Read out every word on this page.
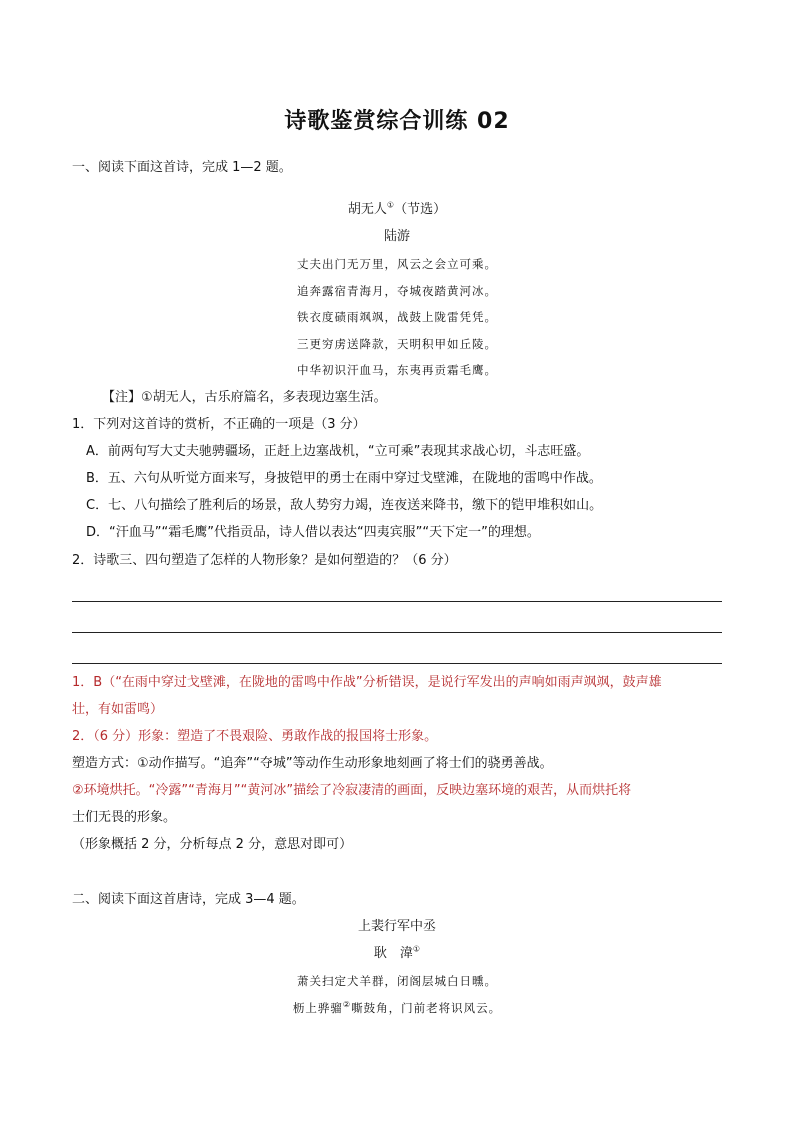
诗歌鉴赏综合训练 02
一、阅读下面这首诗，完成 1—2 题。
胡无人①（节选）
陆游
丈夫出门无万里，风云之会立可乘。
追奔露宿青海月，夺城夜踏黄河冰。
铁衣度碛雨飒飒，战鼓上陇雷凭凭。
三更穷虏送降款，天明积甲如丘陵。
中华初识汗血马，东夷再贡霜毛鹰。
【注】①胡无人，古乐府篇名，多表现边塞生活。
1．下列对这首诗的赏析，不正确的一项是（3 分）
A．前两句写大丈夫驰骋疆场，正赶上边塞战机，“立可乘”表现其求战心切，斗志旺盛。
B．五、六句从听觉方面来写，身披铠甲的勇士在雨中穿过戈壁滩，在陇地的雷鸣中作战。
C．七、八句描绘了胜利后的场景，敌人势穷力竭，连夜送来降书，缴下的铠甲堆积如山。
D．“汗血马”“霜毛鹰”代指贡品，诗人借以表达“四夷宾服”“天下定一”的理想。
2．诗歌三、四句塑造了怎样的人物形象？是如何塑造的？（6 分）
1．B（“在雨中穿过戈壁滩，在陇地的雷鸣中作战”分析错误，是说行军发出的声响如雨声飒飒，鼓声雄
壮，有如雷鸣）
2．（6 分）形象：塑造了不畏艰险、勇敢作战的报国将士形象。
塑造方式：①动作描写。“追奔”“夺城”等动作生动形象地刻画了将士们的骁勇善战。
②环境烘托。“冷露”“青海月”“黄河冰”描绘了冷寂凄清的画面，反映边塞环境的艰苦，从而烘托将
士们无畏的形象。
（形象概括 2 分，分析每点 2 分，意思对即可）
二、阅读下面这首唐诗，完成 3—4 题。
上裴行军中丞
耿　湋①
萧关扫定犬羊群，闭阁层城白日曛。
枥上骅骝②嘶鼓角，门前老将识风云。
